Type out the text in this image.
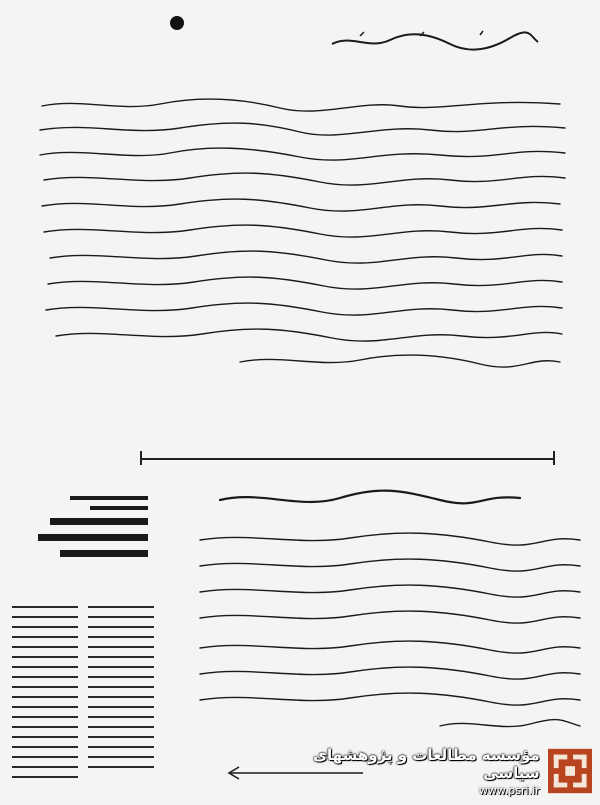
مؤسسه مطالعات و پژوهشهای سیاسی
www.psri.ir
